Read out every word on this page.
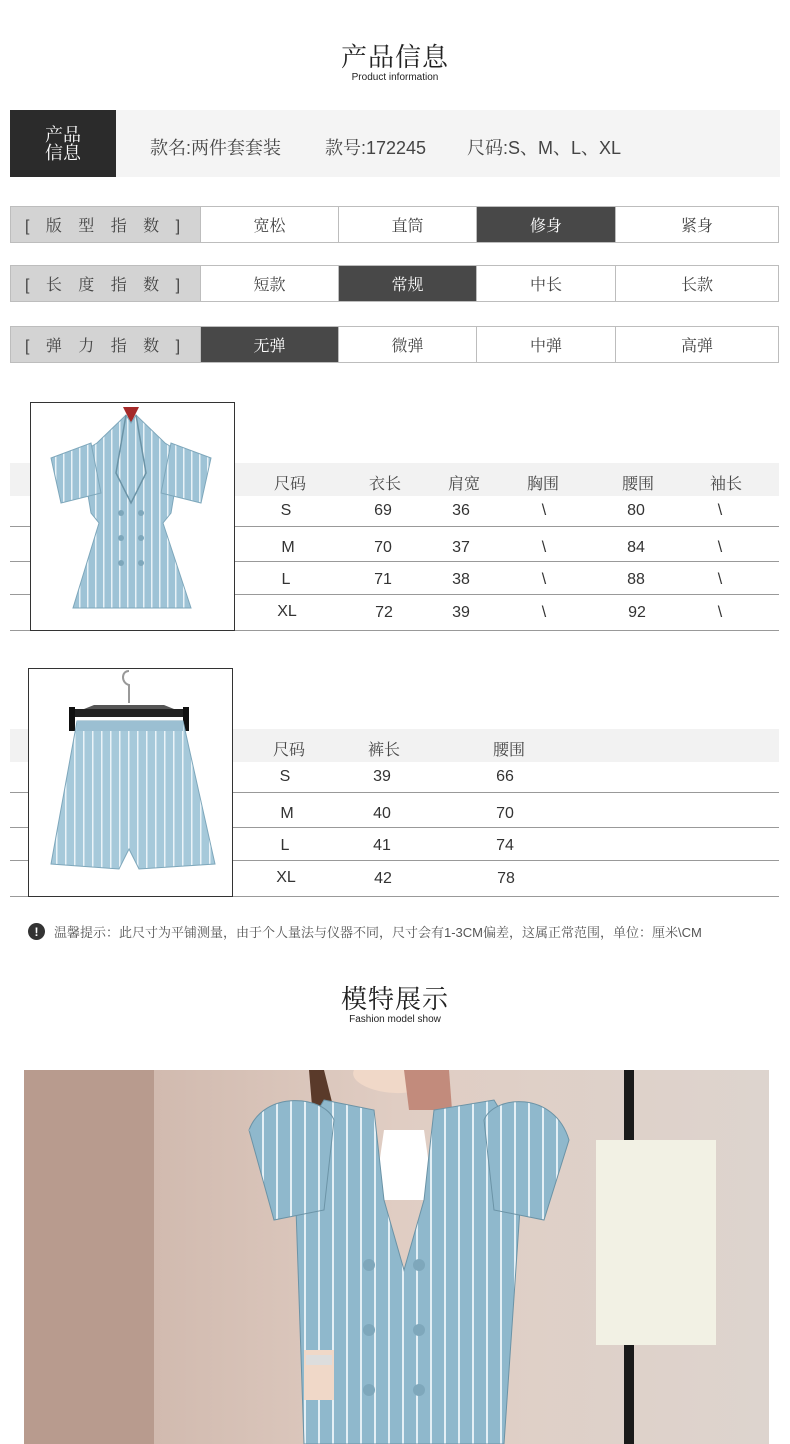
产品信息
Product information
产品信息	款名:两件套套装 款号:172245 尺码:S、M、L、XL
[ 版 型 指 数 ]	宽松	直筒	修身	紧身
[ 长 度 指 数 ]	短款	常规	中长	长款
[ 弹 力 指 数 ]	无弹	微弹	中弹	高弹
尺码	衣长	肩宽	胸围	腰围	袖长
S	69	36	\	80	\
M	70	37	\	84	\
L	71	38	\	88	\
XL	72	39	\	92	\
尺码	裤长	腰围
S	39	66
M	40	70
L	41	74
XL	42	78
!	温馨提示：此尺寸为平铺测量，由于个人量法与仪器不同，尺寸会有1-3CM偏差，这属正常范围，单位：厘米\CM
模特展示
Fashion model show
